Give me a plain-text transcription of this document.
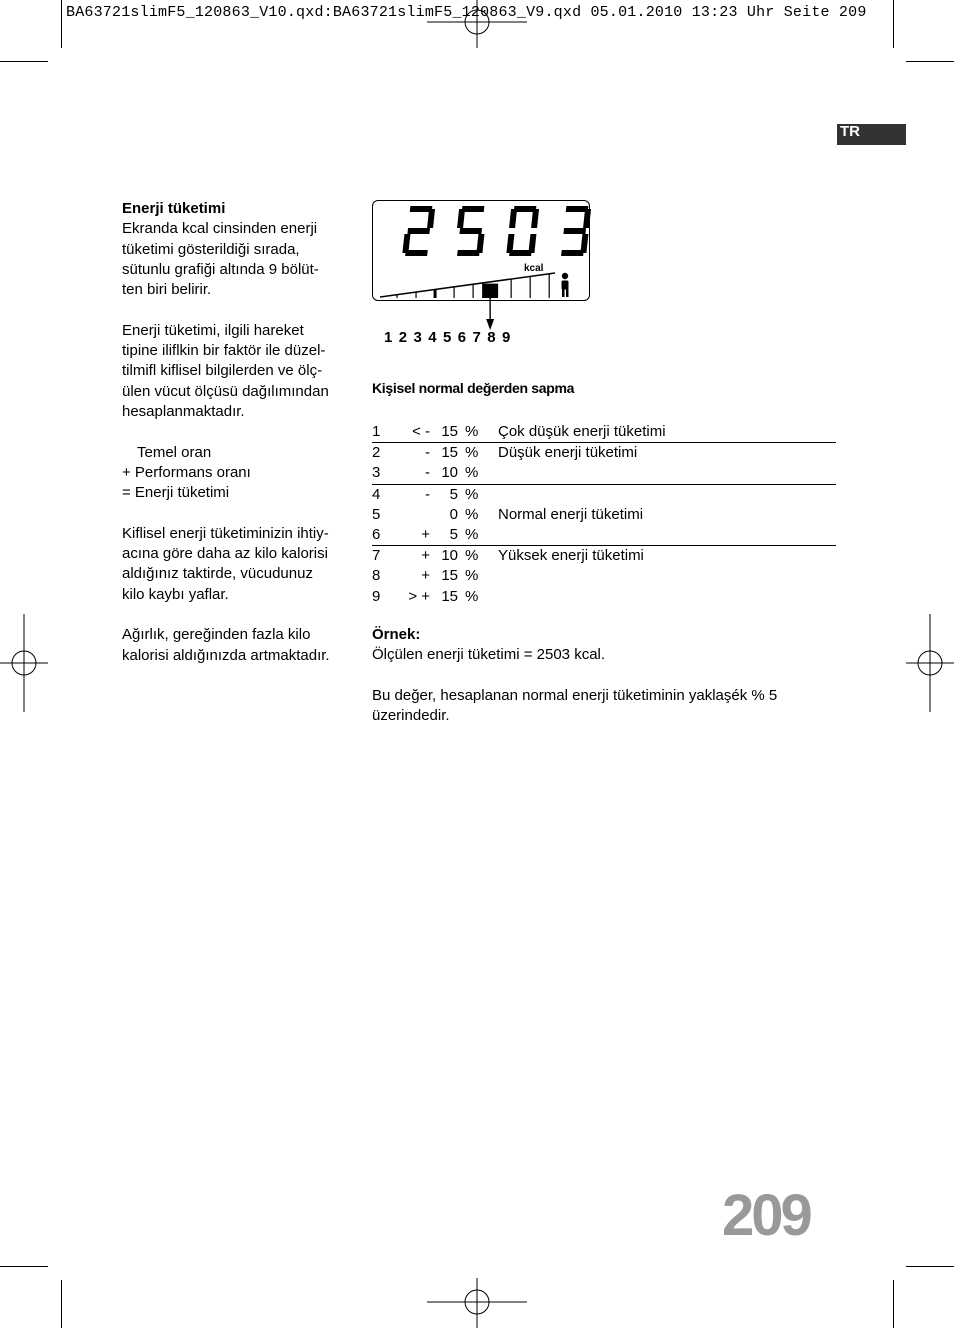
BA63721slimF5_120863_V10.qxd:BA63721slimF5_120863_V9.qxd 05.01.2010 13:23 Uhr Seite 209
TR

Enerji tüketimi

Ekranda kcal cinsinden enerji

tüketimi gösterildiği sırada,

sütunlu grafiği altında 9 bölüt-

ten biri belirir.

Enerji tüketimi, ilgili hareket

tipine iliflkin bir faktör ile düzel-

tilmifl kiflisel bilgilerden ve ölç-

ülen vücut ölçüsü dağılımından

hesaplanmaktadır.

Temel oran

+ Performans oranı

= Enerji tüketimi

Kiflisel enerji tüketiminizin ihtiy-

acına göre daha az kilo kalorisi

aldığınız taktirde, vücudunuz

kilo kaybı yaflar.

Ağırlık, gereğinden fazla kilo

kalorisi aldığınızda artmaktadır.

kcal
123456789
Kişisel normal değerden sapma
1 < - 15 % Çok düşük enerji tüketimi
2	- 15 % Düşük enerji tüketimi
3	- 10 %
4	- 5 %
5	0 % Normal enerji tüketimi
6	+ 5 %
7	+ 10 % Yüksek enerji tüketimi
8	+ 15 %
9 > + 15 %

Örnek:

Ölçülen enerji tüketimi = 2503 kcal.

Bu değer, hesaplanan normal enerji tüketiminin yaklaşék % 5

üzerindedir.

209
